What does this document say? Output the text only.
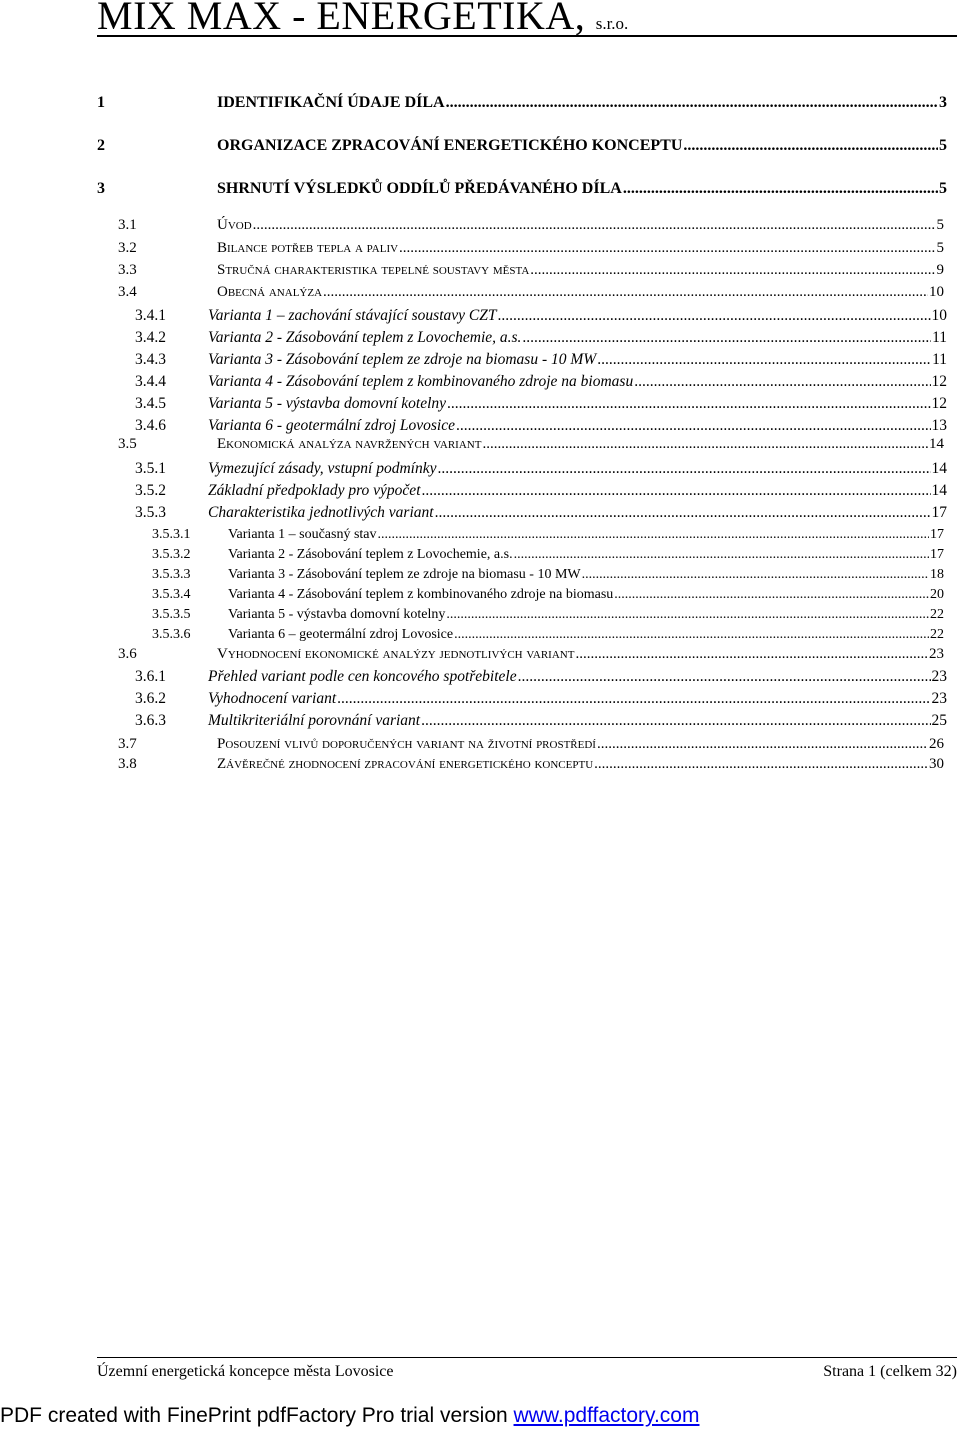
MIX MAX - ENERGETIKA, s.r.o.
1	IDENTIFIKAČNÍ ÚDAJE DÍLA .....	3
2	ORGANIZACE ZPRACOVÁNÍ ENERGETICKÉHO KONCEPTU .....	5
3	SHRNUTÍ VÝSLEDKŮ ODDÍLŮ PŘEDÁVANÉHO DÍLA .....	5
3.1	Úvod .....	5
3.2	Bilance potřeb tepla a paliv .....	5
3.3	Stručná charakteristika tepelné soustavy města .....	9
3.4	Obecná analýza .....	10
3.4.1	Varianta 1 – zachování stávající soustavy CZT .....	10
3.4.2	Varianta 2 - Zásobování teplem z Lovochemie, a.s. .....	11
3.4.3	Varianta 3 - Zásobování teplem ze zdroje na biomasu - 10 MW .....	11
3.4.4	Varianta 4 - Zásobování teplem z kombinovaného zdroje na biomasu .....	12
3.4.5	Varianta 5 - výstavba domovní kotelny .....	12
3.4.6	Varianta 6 - geotermální zdroj Lovosice .....	13
3.5	Ekonomická analýza navržených variant .....	14
3.5.1	Vymezující zásady, vstupní podmínky .....	14
3.5.2	Základní předpoklady pro výpočet .....	14
3.5.3	Charakteristika jednotlivých variant .....	17
3.5.3.1	Varianta 1 – současný stav .....	17
3.5.3.2	Varianta 2 - Zásobování teplem z Lovochemie, a.s. .....	17
3.5.3.3	Varianta 3 - Zásobování teplem ze zdroje na biomasu - 10 MW .....	18
3.5.3.4	Varianta 4 - Zásobování teplem z kombinovaného zdroje na biomasu .....	20
3.5.3.5	Varianta 5 - výstavba domovní kotelny .....	22
3.5.3.6	Varianta 6 – geotermální zdroj Lovosice .....	22
3.6	Vyhodnocení ekonomické analýzy jednotlivých variant .....	23
3.6.1	Přehled variant podle cen koncového spotřebitele .....	23
3.6.2	Vyhodnocení variant .....	23
3.6.3	Multikriteriální porovnání variant .....	25
3.7	Posouzení vlivů doporučených variant na životní prostředí .....	26
3.8	Závěrečné zhodnocení zpracování energetického konceptu .....	30
Územní energetická koncepce města Lovosice	Strana 1 (celkem 32)
PDF created with FinePrint pdfFactory Pro trial version www.pdffactory.com
